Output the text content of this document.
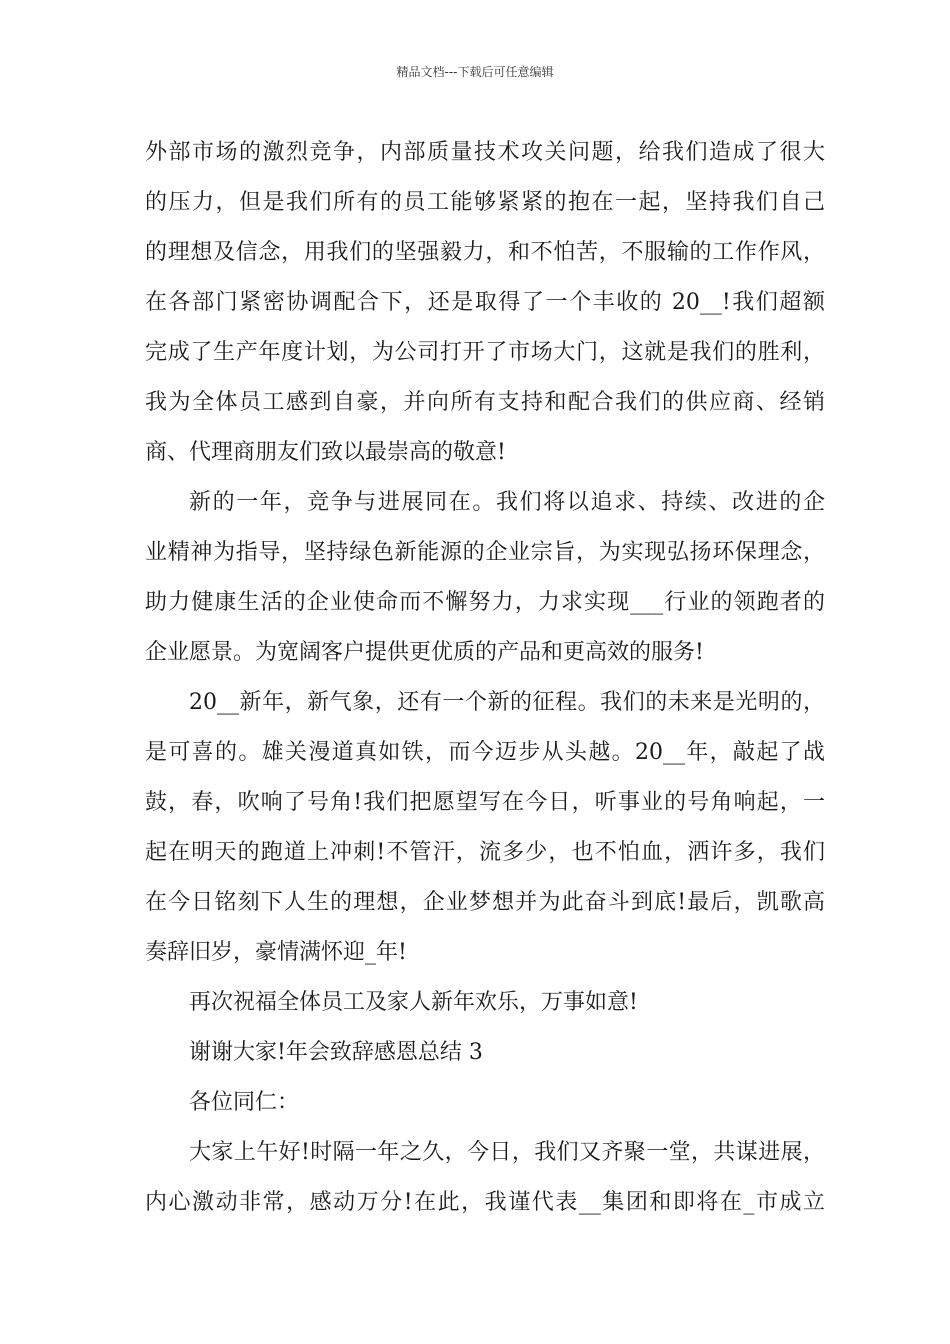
精品文档---下载后可任意编辑
外部市场的激烈竞争，内部质量技术攻关问题，给我们造成了很大
的压力，但是我们所有的员工能够紧紧的抱在一起，坚持我们自己
的理想及信念，用我们的坚强毅力，和不怕苦，不服输的工作作风，
在各部门紧密协调配合下，还是取得了一个丰收的 20__!我们超额
完成了生产年度计划，为公司打开了市场大门，这就是我们的胜利，
我为全体员工感到自豪，并向所有支持和配合我们的供应商、经销
商、代理商朋友们致以最崇高的敬意!
新的一年，竞争与进展同在。我们将以追求、持续、改进的企
业精神为指导，坚持绿色新能源的企业宗旨，为实现弘扬环保理念，
助力健康生活的企业使命而不懈努力，力求实现___行业的领跑者的
企业愿景。为宽阔客户提供更优质的产品和更高效的服务!
20__新年，新气象，还有一个新的征程。我们的未来是光明的，
是可喜的。雄关漫道真如铁，而今迈步从头越。20__年，敲起了战
鼓，春，吹响了号角!我们把愿望写在今日，听事业的号角响起，一
起在明天的跑道上冲刺!不管汗，流多少，也不怕血，洒许多，我们
在今日铭刻下人生的理想，企业梦想并为此奋斗到底!最后，凯歌高
奏辞旧岁，豪情满怀迎_年!
再次祝福全体员工及家人新年欢乐，万事如意!
谢谢大家!年会致辞感恩总结 3
各位同仁：
大家上午好!时隔一年之久，今日，我们又齐聚一堂，共谋进展，
内心激动非常，感动万分!在此，我谨代表__集团和即将在_市成立
